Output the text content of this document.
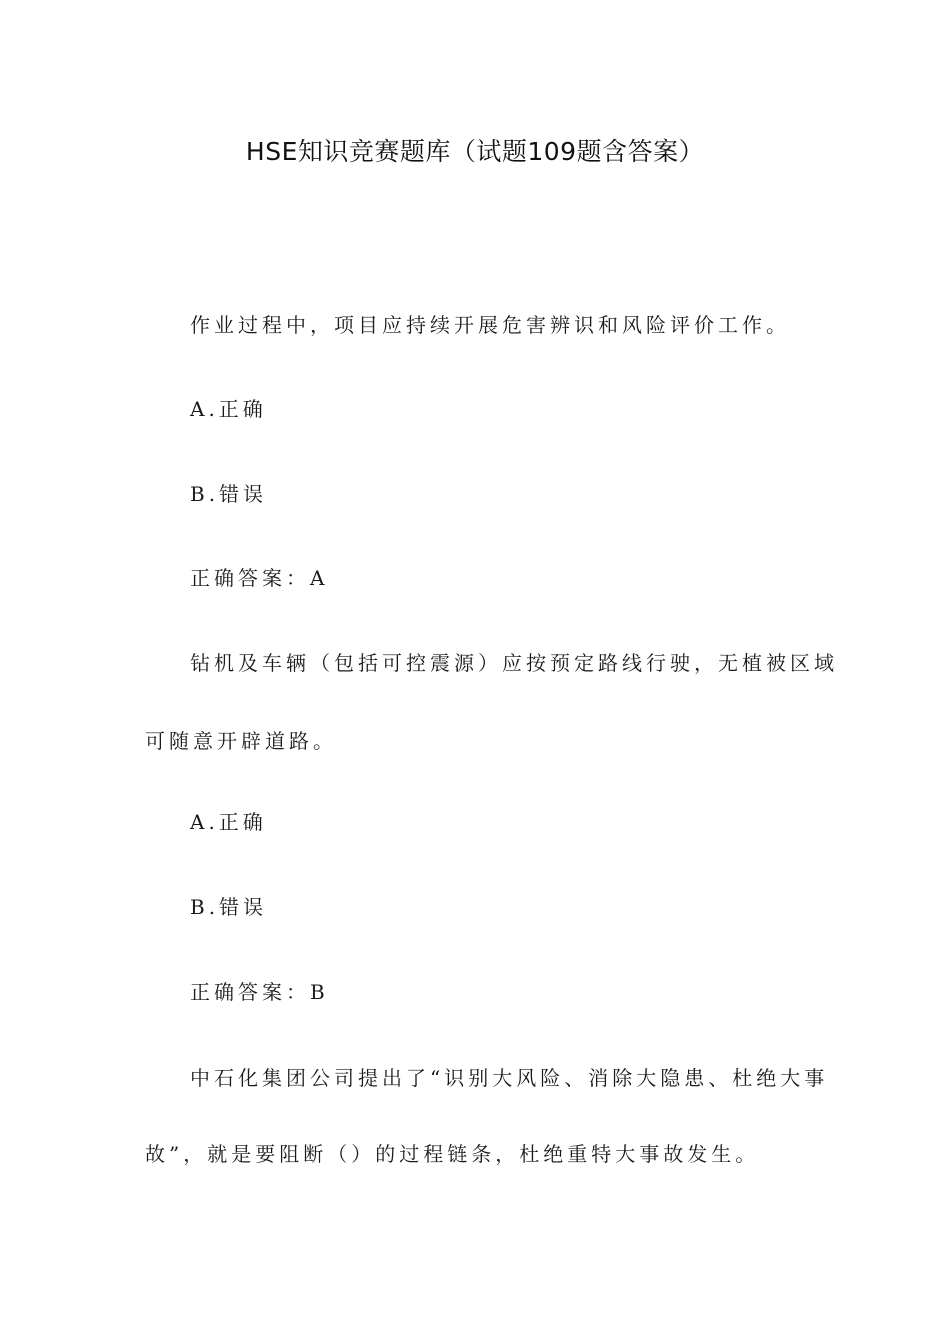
HSE知识竞赛题库（试题109题含答案）
作业过程中，项目应持续开展危害辨识和风险评价工作。
A.正确
B.错误
正确答案：A
钻机及车辆（包括可控震源）应按预定路线行驶，无植被区域
可随意开辟道路。
A.正确
B.错误
正确答案：B
中石化集团公司提出了“识别大风险、消除大隐患、杜绝大事
故”，就是要阻断（）的过程链条，杜绝重特大事故发生。
